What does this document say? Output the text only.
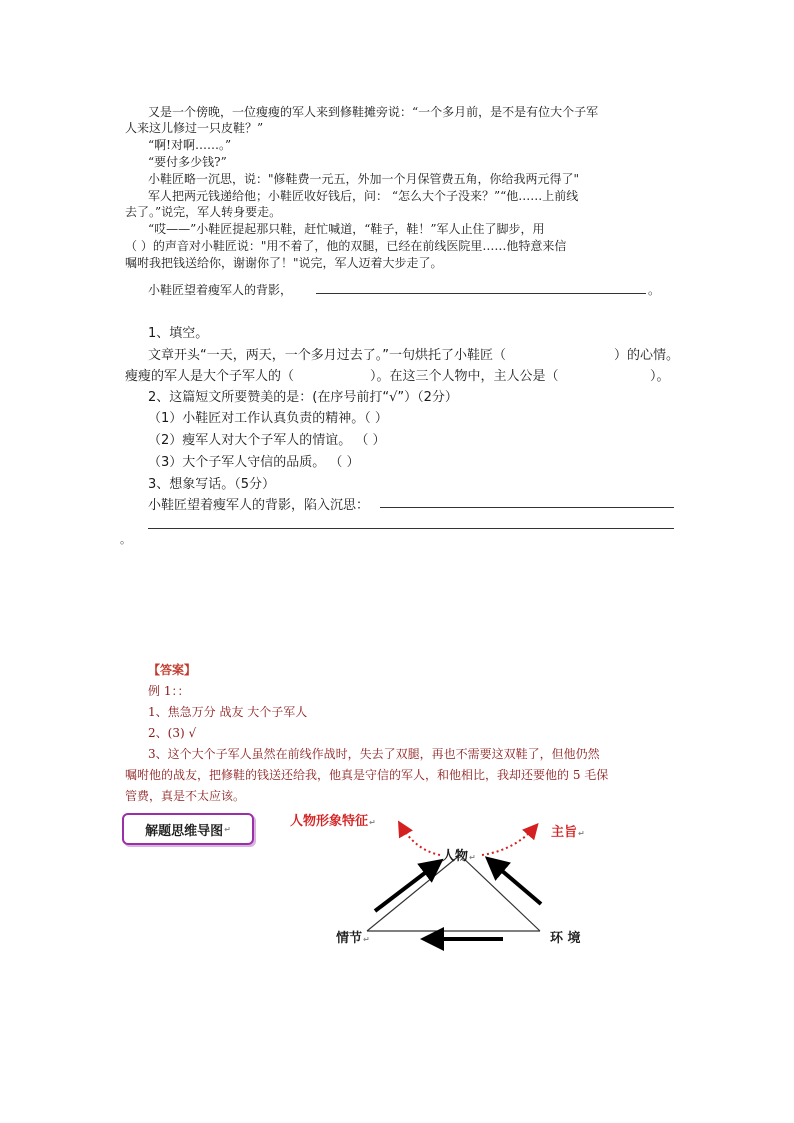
又是一个傍晚，一位瘦瘦的军人来到修鞋摊旁说：“一个多月前，是不是有位大个子军
人来这儿修过一只皮鞋？”
“啊!对啊……。”
“要付多少钱?”
小鞋匠略一沉思，说："修鞋费一元五，外加一个月保管费五角，你给我两元得了"
军人把两元钱递给他；小鞋匠收好钱后，问： “怎么大个子没来？”“他……上前线
去了。”说完，军人转身要走。
“哎——”小鞋匠提起那只鞋，赶忙喊道，“鞋子，鞋！”军人止住了脚步，用
（ ）的声音对小鞋匠说："用不着了，他的双腿，已经在前线医院里……他特意来信
嘱咐我把钱送给你，谢谢你了！"说完，军人迈着大步走了。
小鞋匠望着瘦军人的背影，	。
1、填空。
文章开头“一天，两天，一个多月过去了。”一句烘托了小鞋匠（	）的心情。
瘦瘦的军人是大个子军人的（	）。在这三个人物中，主人公是（	）。
2、这篇短文所要赞美的是：(在序号前打“√”）（2分）
（1）小鞋匠对工作认真负责的精神。（ ）
（2）瘦军人对大个子军人的情谊。 （ ）
（3）大个子军人守信的品质。 （ ）
3、想象写话。（5分）
小鞋匠望着瘦军人的背影，陷入沉思：
。
【答案】
例 1：：
1、焦急万分 战友 大个子军人
2、(3) √
3、这个大个子军人虽然在前线作战时，失去了双腿，再也不需要这双鞋了，但他仍然
嘱咐他的战友，把修鞋的钱送还给我，他真是守信的军人，和他相比，我却还要他的 5 毛保
管费，真是不太应该。
解题思维导图 ↵	人物形象特征↵
主旨↵
人物↵
情节↵	环 境
